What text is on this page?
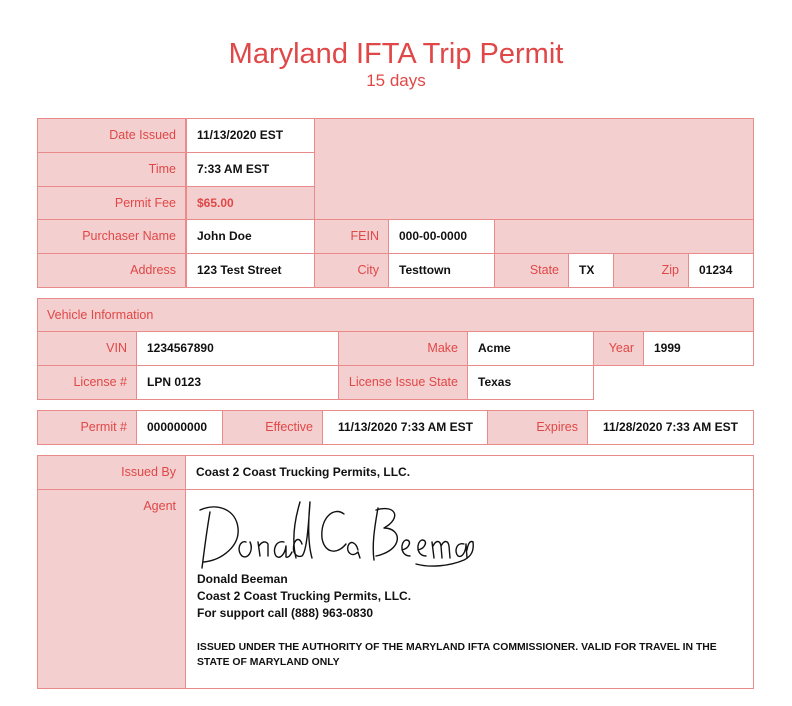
Maryland IFTA Trip Permit
15 days
Date Issued	11/13/2020 EST
Time	7:33 AM EST
Permit Fee	$65.00
Purchaser Name	John Doe	FEIN	000-00-0000
Address	123 Test Street	City	Testtown	State	TX	Zip	01234
Vehicle Information
VIN	1234567890	Make	Acme	Year	1999
License #	LPN 0123	License Issue State	Texas
Permit #	000000000	Effective	11/13/2020 7:33 AM EST	Expires	11/28/2020 7:33 AM EST
Issued By	Coast 2 Coast Trucking Permits, LLC.
Agent
Donald Beeman
Coast 2 Coast Trucking Permits, LLC.
For support call (888) 963-0830
ISSUED UNDER THE AUTHORITY OF THE MARYLAND IFTA COMMISSIONER. VALID FOR TRAVEL IN THE STATE OF MARYLAND ONLY
